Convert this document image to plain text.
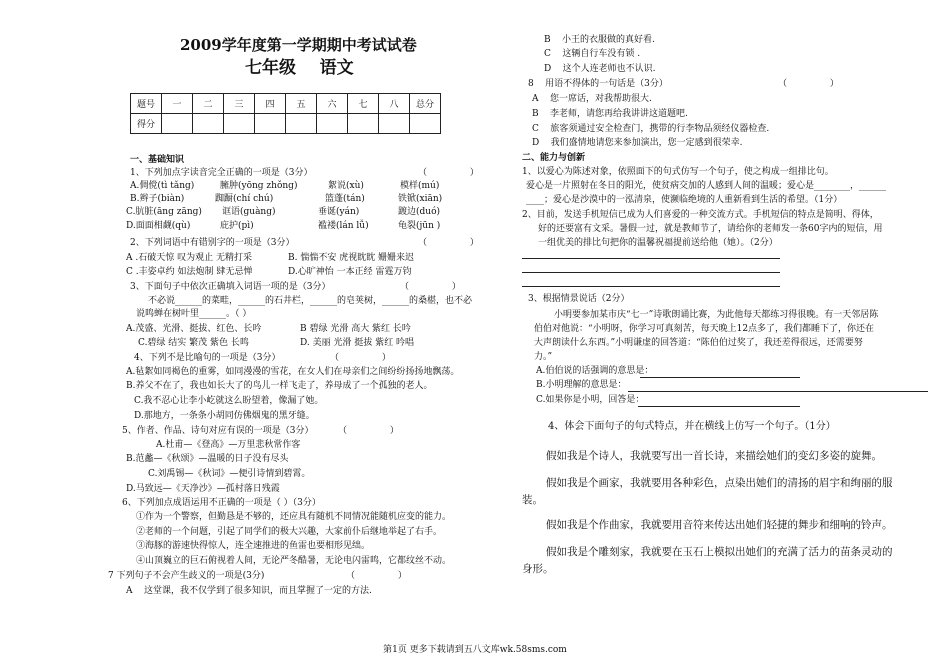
2009学年度第一学期期中考试试卷
七年级    语文
题号	一	二	三	四	五	六	七	八	总分
得分									
一、基础知识
1、下列加点字读音完全正确的一项是（3分）	（               ）
A.倜傥(tì tǎng)	臃肿(yōng zhǒng)	絮说(xù)	模样(mú)
B.辫子(biàn)	踟蹰(chí chú)	篮蓬(tán)	铁锨(xiān)
C.肮脏(āng zāng) 诓语(guàng)	垂诞(yán)	踱边(duó)
D.面面相觑(qù)	庇护(pì)	褴褛(lán lǚ)	龟裂(jūn )
2、下列词语中有错别字的一项是（3分）	（               ）
A .石破天惊 叹为观止 无精打采	B. 惴惴不安 虎视眈眈 姗姗来迟
C .丰姿卓约 如法炮制 肆无忌惮	D.心旷神怡 一本正经 雷霆万钧
3、下面句子中依次正确填入词语一项的是（3分）	（               ）
不必说______的菜畦，______的石井栏，______的皂荚树，______的桑椹，也不必
说鸣蝉在树叶里______。（ ）
A.茂盛、光滑、挺拔、红色、长吟	B 碧绿 光滑 高大 紫红 长吟
C.碧绿 结实 繁茂 紫色 长鸣	D. 美丽 光滑 挺拔 紫红 吟唱
4、下列不是比喻句的一项是（3分）	（               ）
A.毡絮如同褐色的重雾，如同漫漫的雪花，在女人们在母亲们之间纷纷扬扬地飘荡。
B.养父不在了，我也如长大了的鸟儿一样飞走了，养母成了一个孤独的老人。
C.我不忍心让李小屹就这么盼望着，像漏了她。
D.那地方，一条条小胡同仿佛烟鬼的黑牙缝。
5、作者、作品、诗句对应有误的一项是（3分）	（               ）
A.杜甫—《登高》—万里悲秋常作客
B.范蠡—《秋颂》—温暖的日子没有尽头
C.刘禹锡—《秋词》—便引诗情到碧霄。
D.马致远—《天净沙》—孤村落日残霞
6、下列加点成语运用不正确的一项是（ ）（3分）
①作为一个警察，但勤恳是不够的，还应具有随机不同情况能随机应变的能力。
②老师的一个问题，引起了同学们的极大兴趣，大家前仆后继地举起了右手。
③海豚的游速快得惊人，连全速推进的鱼雷也要相形见绌。
④山顶巍立的巨石俯视着人间，无论严冬酷暑，无论电闪雷鸣，它都纹丝不动。
7 下列句子不会产生歧义的一项是(3分)	（               ）
A    这堂课，我不仅学到了很多知识，而且掌握了一定的方法.
B    小王的衣服做的真好看.
C    这辆自行车没有锁 .
D    这个人连老师也不认识.
8    用语不得体的一句话是（3分）	（               ）
A    您一席话，对我帮助很大.
B    李老师，请您再给我讲讲这道题吧.
C    旅客须通过安全检查门，携带的行李物品须经仪器检查.
D    我们盛情地请您来参加演出，您一定感到很荣幸.
二、能力与创新
1、以爱心为陈述对象，依照面下的句式仿写一个句子，使之构成一组排比句。
爱心是一片照射在冬日的阳光，使贫病交加的人感到人间的温暖；爱心是________，______
____；爱心是沙漠中的一泓清泉，使濒临绝境的人重新看到生活的希望。（1分）
2、目前，发送手机短信已成为人们喜爱的一种交流方式。手机短信的特点是简明、得体，
好的还要富有文采。暑假一过，就是教师节了，请给你的老师发一条60字内的短信，用
一组优美的排比句把你的温馨祝福提前送给他（她）。（2分）
3、根据情景说话（2分）
小明要参加某市庆“七一”诗歌朗诵比赛，为此他每天都练习得很晚。有一天邻居陈
伯伯对他说：“小明呀，你学习可真刻苦，每天晚上12点多了，我们都睡下了，你还在
大声朗读什么东西。”小明谦虚的回答道：“陈伯伯过奖了，我还差得很远，还需要努
力。”
A.伯伯说的话强调的意思是：
B.小明理解的意思是：
C.如果你是小明，回答是：
4、体会下面句子的句式特点，并在横线上仿写一个句子。（1分）
假如我是个诗人，我就要写出一首长诗，来描绘她们的变幻多姿的旋舞。
假如我是个画家，我就要用各种彩色，点染出她们的清扬的眉宇和绚丽的服
装。
假如我是个作曲家，我就要用音符来传达出她们轻捷的舞步和细响的铃声。
假如我是个雕刻家，我就要在玉石上模拟出她们的充满了活力的苗条灵动的
身形。
第1页 更多下载请到五八文库wk.58sms.com
